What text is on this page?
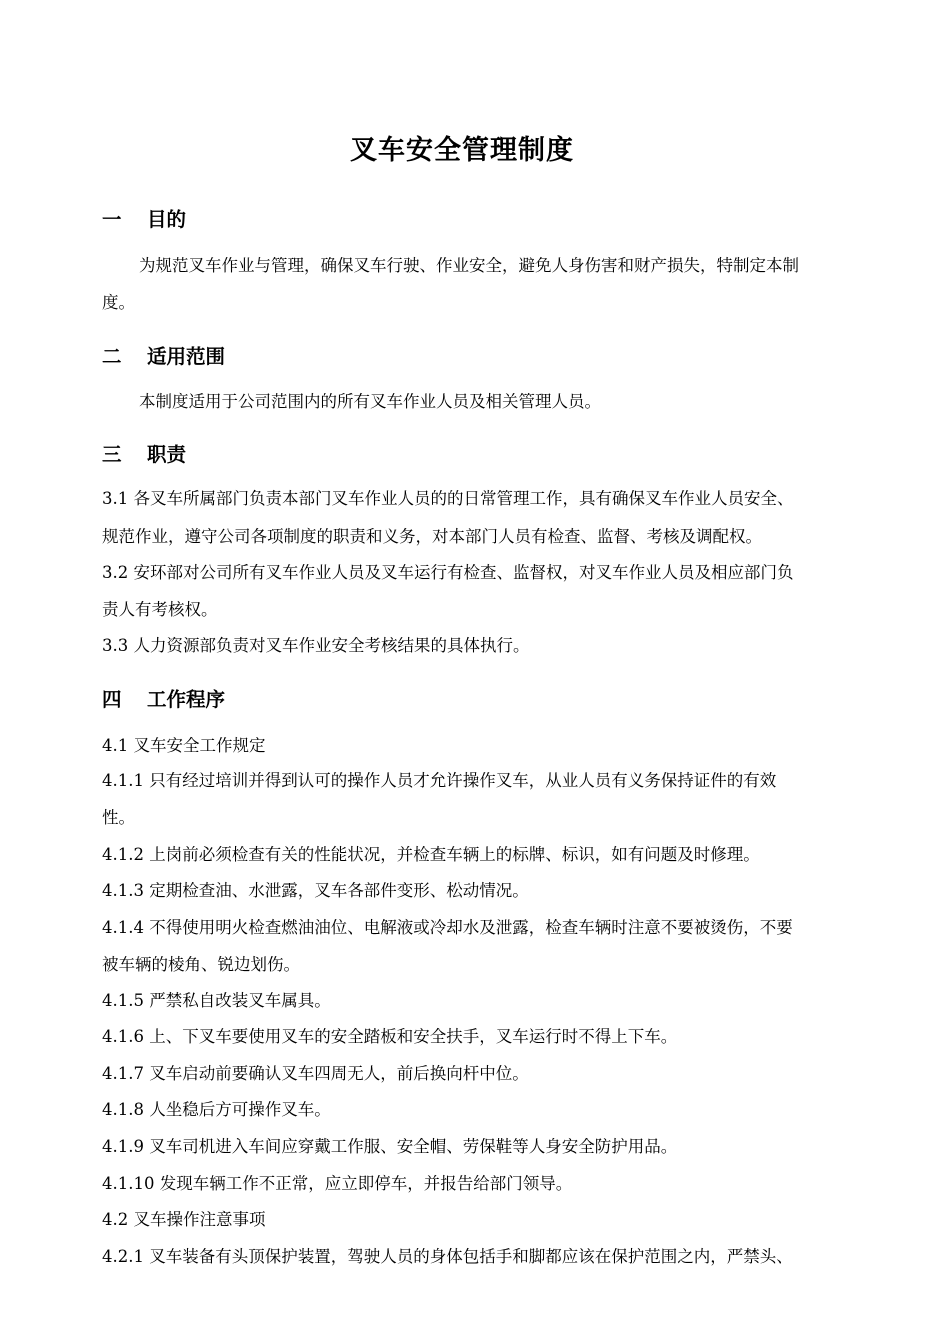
叉车安全管理制度
一 目的

为规范叉车作业与管理，确保叉车行驶、作业安全，避免人身伤害和财产损失，特制定本制

度。

二 适用范围

本制度适用于公司范围内的所有叉车作业人员及相关管理人员。

三 职责

3.1 各叉车所属部门负责本部门叉车作业人员的的日常管理工作，具有确保叉车作业人员安全、

规范作业，遵守公司各项制度的职责和义务，对本部门人员有检查、监督、考核及调配权。

3.2 安环部对公司所有叉车作业人员及叉车运行有检查、监督权，对叉车作业人员及相应部门负

责人有考核权。

3.3 人力资源部负责对叉车作业安全考核结果的具体执行。

四 工作程序

4.1 叉车安全工作规定

4.1.1 只有经过培训并得到认可的操作人员才允许操作叉车，从业人员有义务保持证件的有效

性。

4.1.2 上岗前必须检查有关的性能状况，并检查车辆上的标牌、标识，如有问题及时修理。

4.1.3 定期检查油、水泄露，叉车各部件变形、松动情况。

4.1.4 不得使用明火检查燃油油位、电解液或冷却水及泄露，检查车辆时注意不要被烫伤，不要

被车辆的棱角、锐边划伤。

4.1.5 严禁私自改装叉车属具。

4.1.6 上、下叉车要使用叉车的安全踏板和安全扶手，叉车运行时不得上下车。

4.1.7 叉车启动前要确认叉车四周无人，前后换向杆中位。

4.1.8 人坐稳后方可操作叉车。

4.1.9 叉车司机进入车间应穿戴工作服、安全帽、劳保鞋等人身安全防护用品。

4.1.10 发现车辆工作不正常，应立即停车，并报告给部门领导。

4.2 叉车操作注意事项

4.2.1 叉车装备有头顶保护装置，驾驶人员的身体包括手和脚都应该在保护范围之内，严禁头、
